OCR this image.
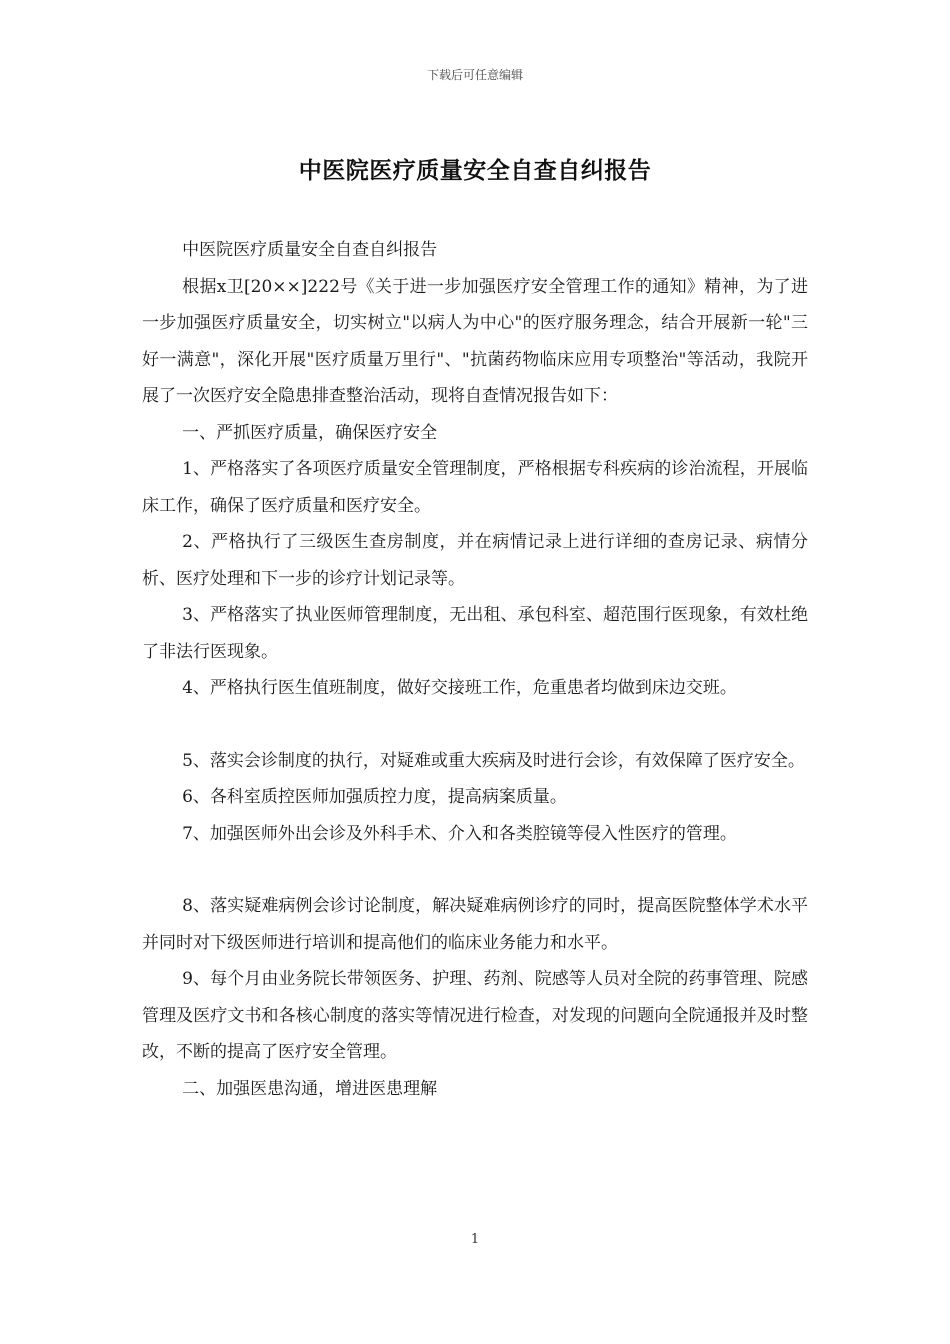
下载后可任意编辑
中医院医疗质量安全自查自纠报告

中医院医疗质量安全自查自纠报告

根据x卫[20××]222号《关于进一步加强医疗安全管理工作的通知》精神，为了进一步加强医疗质量安全，切实树立"以病人为中心"的医疗服务理念，结合开展新一轮"三好一满意"，深化开展"医疗质量万里行"、"抗菌药物临床应用专项整治"等活动，我院开展了一次医疗安全隐患排查整治活动，现将自查情况报告如下：

一、严抓医疗质量，确保医疗安全

1、严格落实了各项医疗质量安全管理制度，严格根据专科疾病的诊治流程，开展临床工作，确保了医疗质量和医疗安全。

2、严格执行了三级医生查房制度，并在病情记录上进行详细的查房记录、病情分析、医疗处理和下一步的诊疗计划记录等。

3、严格落实了执业医师管理制度，无出租、承包科室、超范围行医现象，有效杜绝了非法行医现象。

4、严格执行医生值班制度，做好交接班工作，危重患者均做到床边交班。

5、落实会诊制度的执行，对疑难或重大疾病及时进行会诊，有效保障了医疗安全。

6、各科室质控医师加强质控力度，提高病案质量。

7、加强医师外出会诊及外科手术、介入和各类腔镜等侵入性医疗的管理。

8、落实疑难病例会诊讨论制度，解决疑难病例诊疗的同时，提高医院整体学术水平并同时对下级医师进行培训和提高他们的临床业务能力和水平。

9、每个月由业务院长带领医务、护理、药剂、院感等人员对全院的药事管理、院感管理及医疗文书和各核心制度的落实等情况进行检查，对发现的问题向全院通报并及时整改，不断的提高了医疗安全管理。

二、加强医患沟通，增进医患理解

1
